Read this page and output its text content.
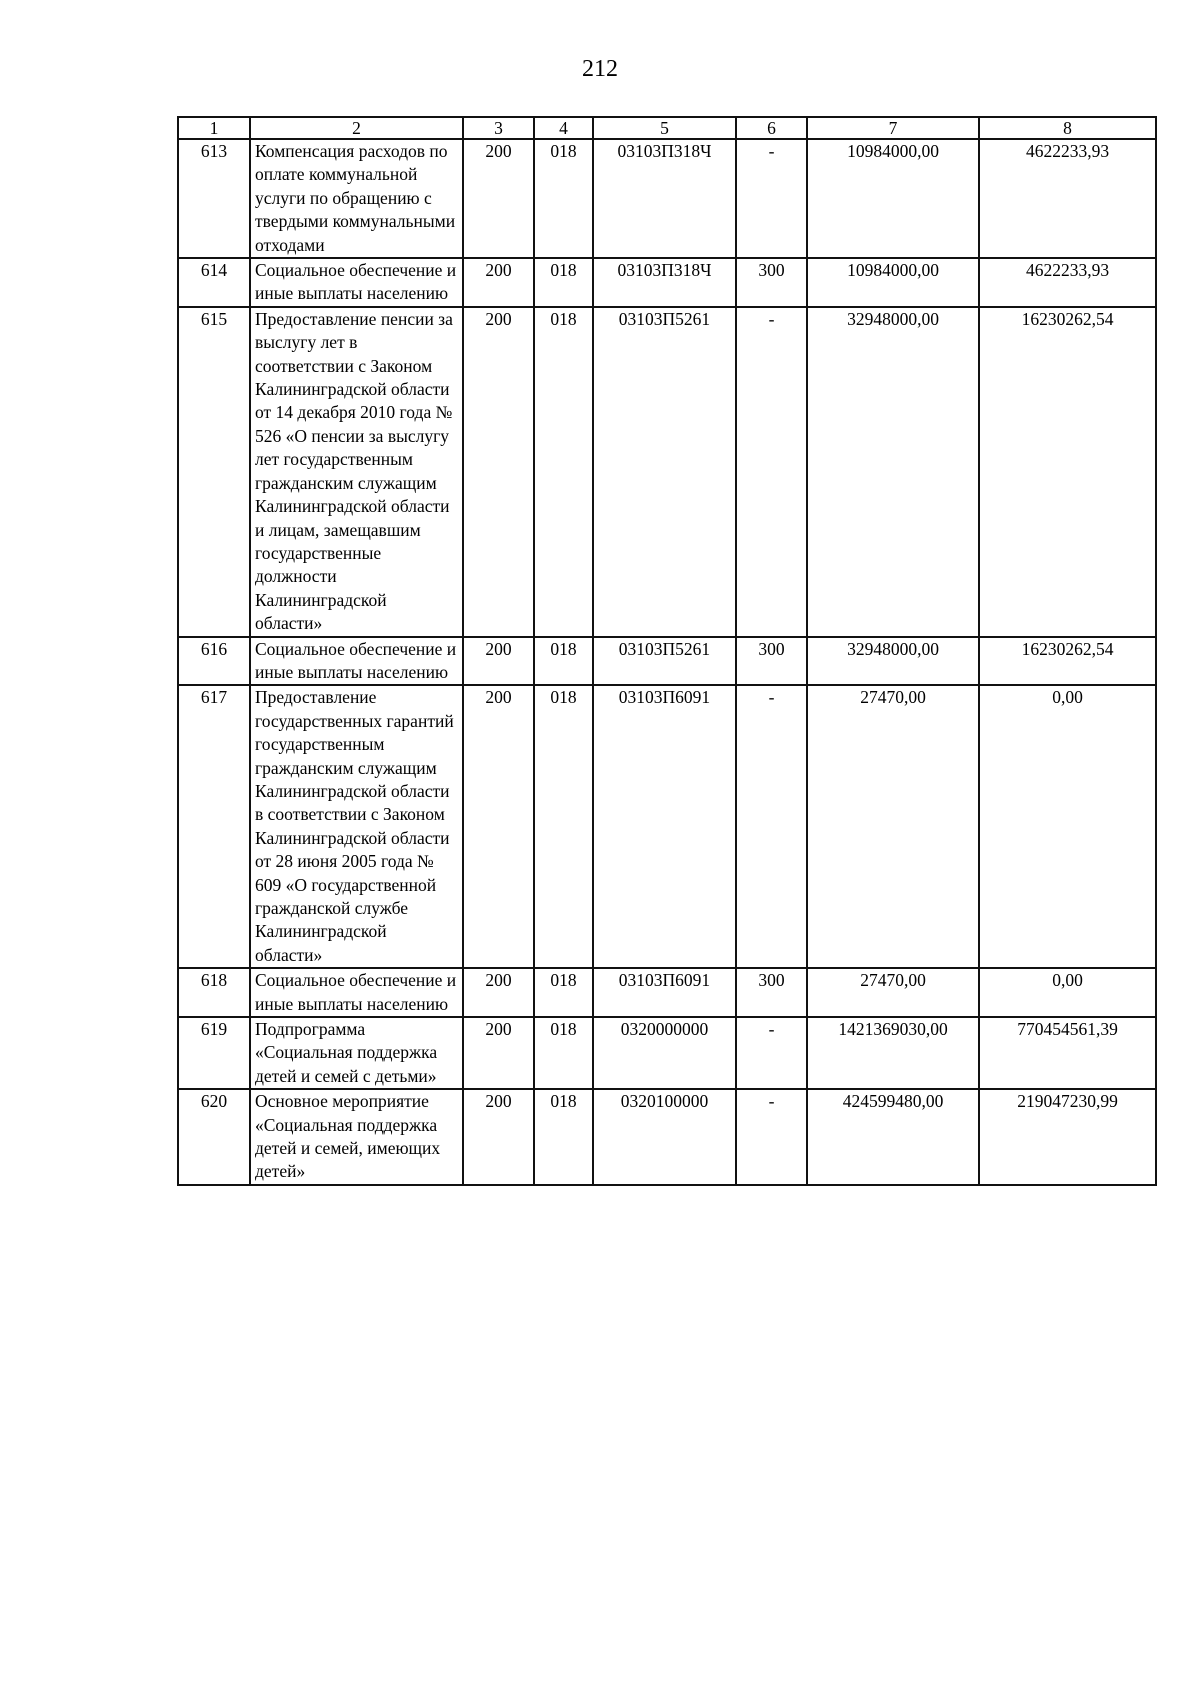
212
1	2	3	4	5	6	7	8
613	Компенсация расходов по оплате коммунальной услуги по обращению с твердыми коммунальными отходами	200	018	03103П318Ч	-	10984000,00	4622233,93
614	Социальное обеспечение и иные выплаты населению	200	018	03103П318Ч	300	10984000,00	4622233,93
615	Предоставление пенсии за выслугу лет в соответствии с Законом Калининградской области от 14 декабря 2010 года № 526 «О пенсии за выслугу лет государственным гражданским служащим Калининградской области и лицам, замещавшим государственные должности Калининградской области»	200	018	03103П5261	-	32948000,00	16230262,54
616	Социальное обеспечение и иные выплаты населению	200	018	03103П5261	300	32948000,00	16230262,54
617	Предоставление государственных гарантий государственным гражданским служащим Калининградской области в соответствии с Законом Калининградской области от 28 июня 2005 года № 609 «О государственной гражданской службе Калининградской области»	200	018	03103П6091	-	27470,00	0,00
618	Социальное обеспечение и иные выплаты населению	200	018	03103П6091	300	27470,00	0,00
619	Подпрограмма «Социальная поддержка детей и семей с детьми»	200	018	0320000000	-	1421369030,00	770454561,39
620	Основное мероприятие «Социальная поддержка детей и семей, имеющих детей»	200	018	0320100000	-	424599480,00	219047230,99
